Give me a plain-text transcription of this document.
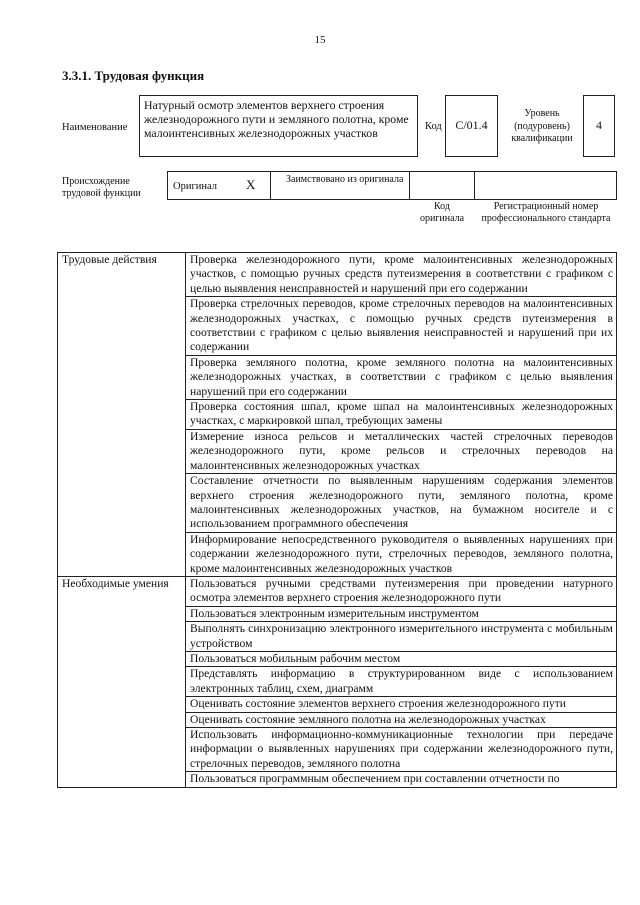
15
3.3.1. Трудовая функция
Наименование
Натурный осмотр элементов верхнего строения железнодорожного пути и земляного полотна, кроме малоинтенсивных железнодорожных участков	Код	C/01.4
Уровень (подуровень) квалификации
4
Происхождение трудовой функции
Оригинал X	Заимствовано из оригинала
Код оригинала
Регистрационный номер профессионального стандарта
Трудовые действия	Проверка железнодорожного пути, кроме малоинтенсивных железнодорожных участков, с помощью ручных средств путеизмерения в соответствии с графиком с целью выявления неисправностей и нарушений при его содержании
	Проверка стрелочных переводов, кроме стрелочных переводов на малоинтенсивных железнодорожных участках, с помощью ручных средств путеизмерения в соответствии с графиком с целью выявления неисправностей и нарушений при их содержании
	Проверка земляного полотна, кроме земляного полотна на малоинтенсивных железнодорожных участках, в соответствии с графиком с целью выявления нарушений при его содержании
	Проверка состояния шпал, кроме шпал на малоинтенсивных железнодорожных участках, с маркировкой шпал, требующих замены
	Измерение износа рельсов и металлических частей стрелочных переводов железнодорожного пути, кроме рельсов и стрелочных переводов на малоинтенсивных железнодорожных участках
	Составление отчетности по выявленным нарушениям содержания элементов верхнего строения железнодорожного пути, земляного полотна, кроме малоинтенсивных железнодорожных участков, на бумажном носителе и с использованием программного обеспечения
	Информирование непосредственного руководителя о выявленных нарушениях при содержании железнодорожного пути, стрелочных переводов, земляного полотна, кроме малоинтенсивных железнодорожных участков
Необходимые умения	Пользоваться ручными средствами путеизмерения при проведении натурного осмотра элементов верхнего строения железнодорожного пути
	Пользоваться электронным измерительным инструментом
	Выполнять синхронизацию электронного измерительного инструмента с мобильным устройством
	Пользоваться мобильным рабочим местом
	Представлять информацию в структурированном виде с использованием электронных таблиц, схем, диаграмм
	Оценивать состояние элементов верхнего строения железнодорожного пути
	Оценивать состояние земляного полотна на железнодорожных участках
	Использовать информационно-коммуникационные технологии при передаче информации о выявленных нарушениях при содержании железнодорожного пути, стрелочных переводов, земляного полотна
	Пользоваться программным обеспечением при составлении отчетности по
